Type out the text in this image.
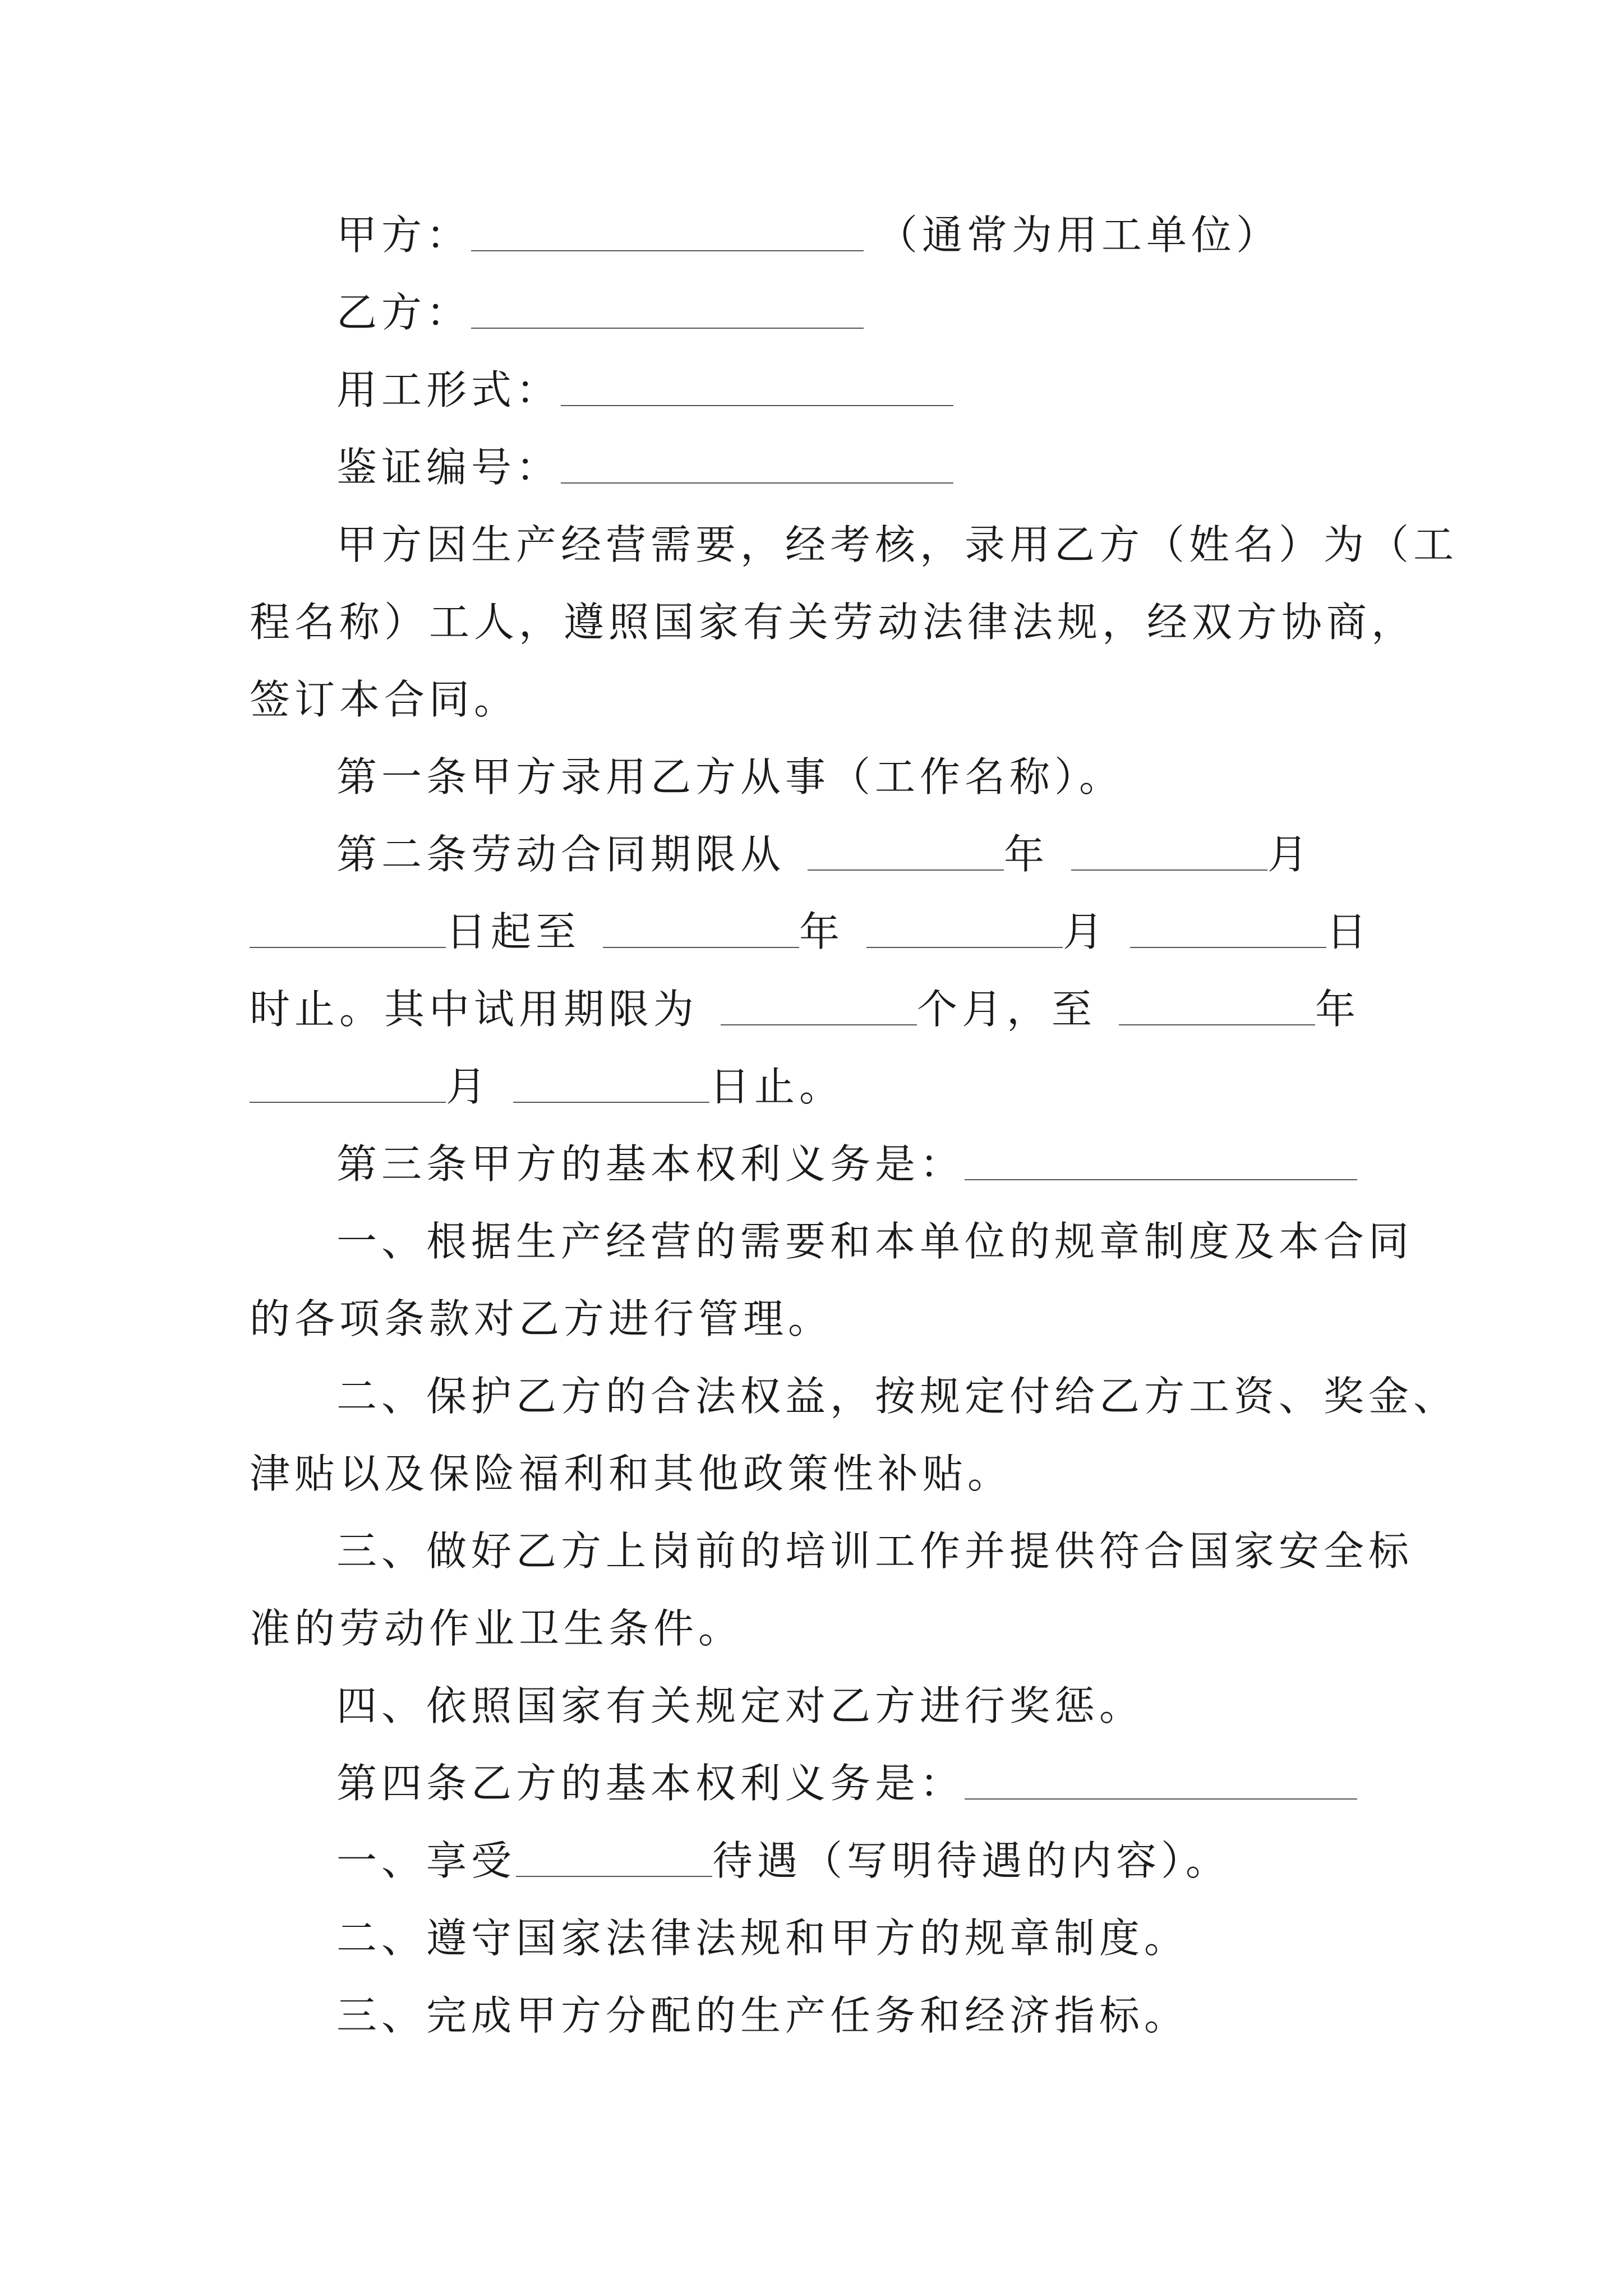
甲方：	（通常为用工单位）
乙方：
用工形式：
鉴证编号：
甲方因生产经营需要，经考核，录用乙方（姓名）为（工
程名称）工人，遵照国家有关劳动法律法规，经双方协商，
签订本合同。
第一条甲方录用乙方从事（工作名称）。
第二条劳动合同期限从	年	月
日起至	年	月	日
时止。其中试用期限为	个月，至	年
月	日止。
第三条甲方的基本权利义务是：
一、根据生产经营的需要和本单位的规章制度及本合同
的各项条款对乙方进行管理。
二、保护乙方的合法权益，按规定付给乙方工资、奖金、
津贴以及保险福利和其他政策性补贴。
三、做好乙方上岗前的培训工作并提供符合国家安全标
准的劳动作业卫生条件。
四、依照国家有关规定对乙方进行奖惩。
第四条乙方的基本权利义务是：
一、享受	待遇（写明待遇的内容）。
二、遵守国家法律法规和甲方的规章制度。
三、完成甲方分配的生产任务和经济指标。
